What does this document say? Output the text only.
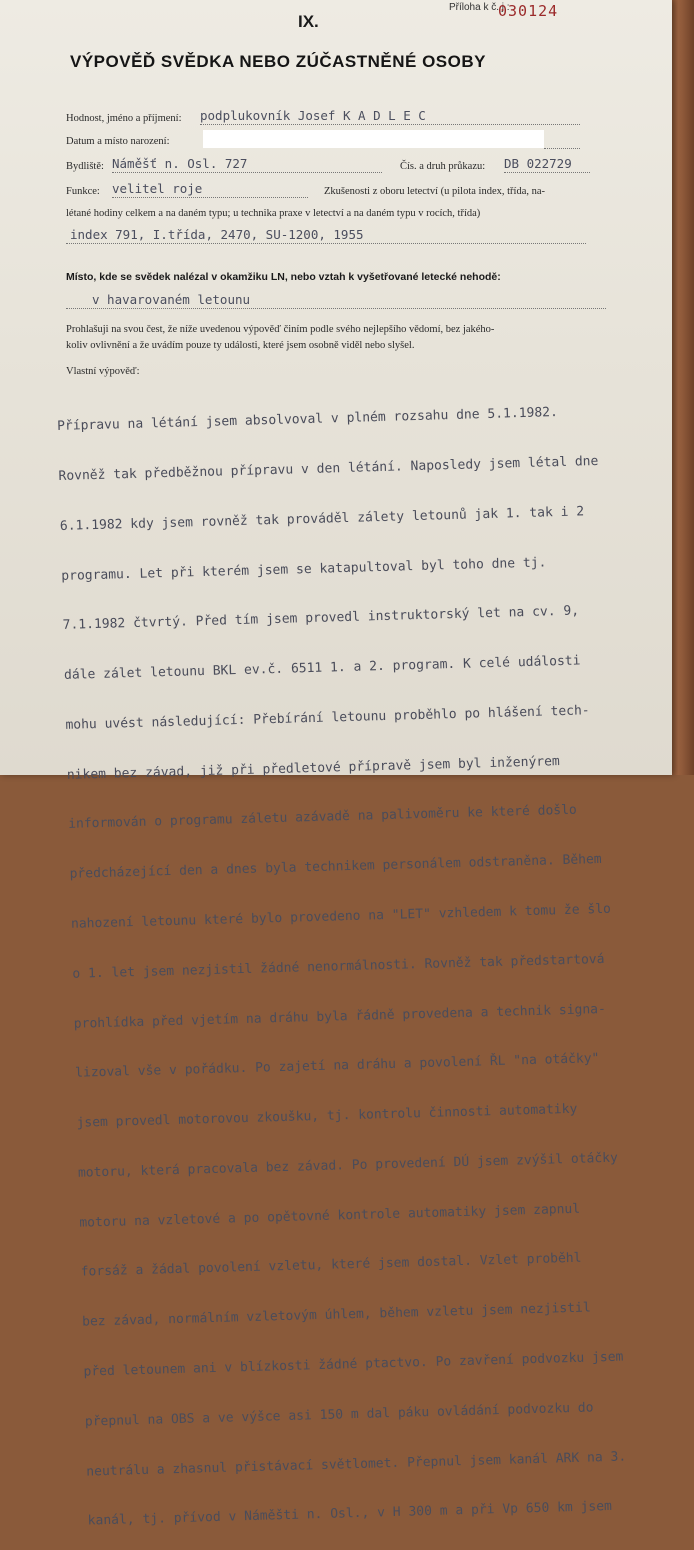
Příloha k č. j.:
030124
IX.
VÝPOVĚĎ SVĚDKA NEBO ZÚČASTNĚNÉ OSOBY
Hodnost, jméno a příjmení: podplukovník Josef K A D L E C
Datum a místo narození:
Bydliště: Náměšť n. Osl. 727	Čís. a druh průkazu: DB 022729
Funkce: velitel roje	Zkušenosti z oboru letectví (u pilota index, třída, na-
létané hodiny celkem a na daném typu; u technika praxe v letectví a na daném typu v rocích, třída)
index 791, I.třída, 2470, SU-1200, 1955
Místo, kde se svědek nalézal v okamžiku LN, nebo vztah k vyšetřované letecké nehodě:
v havarovaném letounu
Prohlašuji na svou čest, že níže uvedenou výpověď činím podle svého nejlepšího vědomí, bez jakého-
koliv ovlivnění a že uvádím pouze ty události, které jsem osobně viděl nebo slyšel.
Vlastní výpověď:

Přípravu na létání jsem absolvoval v plném rozsahu dne 5.1.1982.

Rovněž tak předběžnou přípravu v den létání. Naposledy jsem létal dne

6.1.1982 kdy jsem rovněž tak prováděl zálety letounů jak 1. tak i 2

programu. Let při kterém jsem se katapultoval byl toho dne tj.

7.1.1982 čtvrtý. Před tím jsem provedl instruktorský let na cv. 9,

dále zálet letounu BKL ev.č. 6511 1. a 2. program. K celé události

mohu uvést následující: Přebírání letounu proběhlo po hlášení tech-

nikem bez závad, již při předletové přípravě jsem byl inženýrem

informován o programu záletu azávadě na palivoměru ke které došlo

předcházející den a dnes byla technikem personálem odstraněna. Během

nahození letounu které bylo provedeno na "LET" vzhledem k tomu že šlo

o 1. let jsem nezjistil žádné nenormálnosti. Rovněž tak předstartová

prohlídka před vjetím na dráhu byla řádně provedena a technik signa-

lizoval vše v pořádku. Po zajetí na dráhu a povolení ŘL "na otáčky"

jsem provedl motorovou zkoušku, tj. kontrolu činnosti automatiky

motoru, která pracovala bez závad. Po provedení DÚ jsem zvýšil otáčky

motoru na vzletové a po opětovné kontrole automatiky jsem zapnul

forsáž a žádal povolení vzletu, které jsem dostal. Vzlet proběhl

bez závad, normálním vzletovým úhlem, během vzletu jsem nezjistil

před letounem ani v blízkosti žádné ptactvo. Po zavření podvozku jsem

přepnul na OBS a ve výšce asi 150 m dal páku ovládání podvozku do

neutrálu a zhasnul přistávací světlomet. Přepnul jsem kanál ARK na 3.

kanál, tj. přívod v Náměšti n. Osl., v H 300 m a při Vp 650 km jsem
